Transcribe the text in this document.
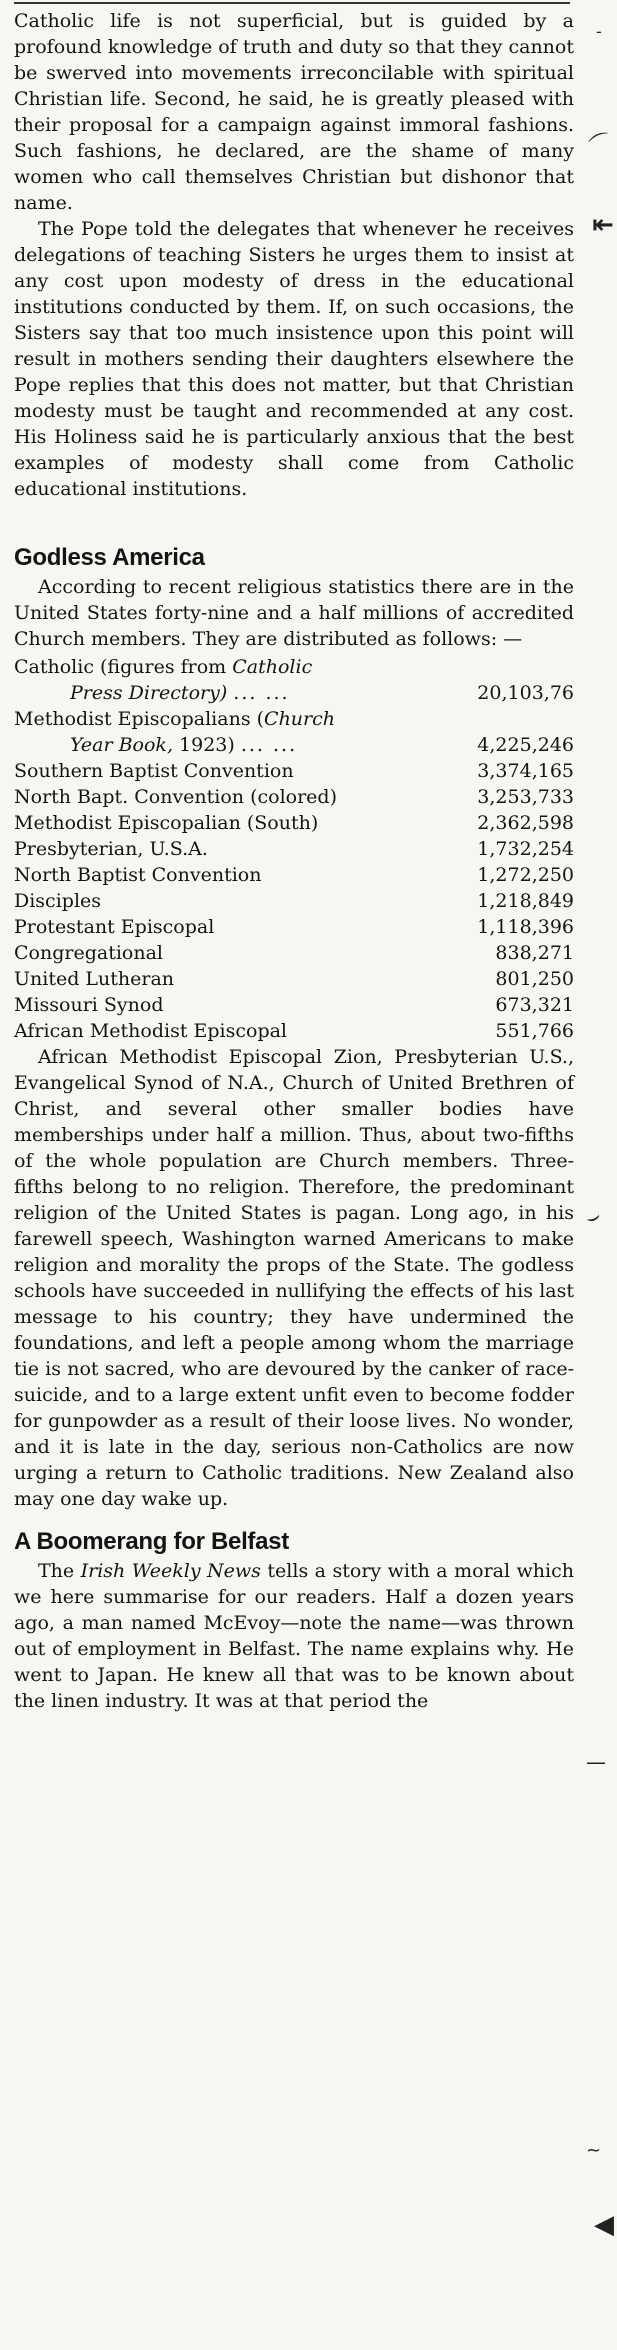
Catholic life is not superficial, but is guided by a profound knowledge of truth and duty so that they cannot be swerved into movements irreconcilable with spiritual Christian life. Second, he said, he is greatly pleased with their proposal for a campaign against immoral fashions. Such fashions, he declared, are the shame of many women who call themselves Christian but dishonor that name.

The Pope told the delegates that whenever he receives delegations of teaching Sisters he urges them to insist at any cost upon modesty of dress in the educational institutions conducted by them. If, on such occasions, the Sisters say that too much insistence upon this point will result in mothers sending their daughters elsewhere the Pope replies that this does not matter, but that Christian modesty must be taught and recommended at any cost. His Holiness said he is particularly anxious that the best examples of modesty shall come from Catholic educational institutions.

Godless America

According to recent religious statistics there are in the United States forty-nine and a half millions of accredited Church members. They are distributed as follows: —

Catholic (figures from Catholic
Press Directory) ... ...	20,103,76
Methodist Episcopalians (Church
Year Book, 1923) ... ...	4,225,246
Southern Baptist Convention	3,374,165
North Bapt. Convention (colored)	3,253,733
Methodist Episcopalian (South)	2,362,598
Presbyterian, U.S.A.	1,732,254
North Baptist Convention	1,272,250
Disciples	1,218,849
Protestant Episcopal	1,118,396
Congregational	838,271
United Lutheran	801,250
Missouri Synod	673,321
African Methodist Episcopal	551,766

African Methodist Episcopal Zion, Presbyterian U.S., Evangelical Synod of N.A., Church of United Brethren of Christ, and several other smaller bodies have memberships under half a million. Thus, about two-fifths of the whole population are Church members. Three-fifths belong to no religion. Therefore, the predominant religion of the United States is pagan. Long ago, in his farewell speech, Washington warned Americans to make religion and morality the props of the State. The godless schools have succeeded in nullifying the effects of his last message to his country; they have undermined the foundations, and left a people among whom the marriage tie is not sacred, who are devoured by the canker of race-suicide, and to a large extent unfit even to become fodder for gunpowder as a result of their loose lives. No wonder, and it is late in the day, serious non-Catholics are now urging a return to Catholic traditions. New Zealand also may one day wake up.

A Boomerang for Belfast

The Irish Weekly News tells a story with a moral which we here summarise for our readers. Half a dozen years ago, a man named McEvoy—note the name—was thrown out of employment in Belfast. The name explains why. He went to Japan. He knew all that was to be known about the linen industry. It was at that period the

-
⌒
⇤
⌣
—
~
◀
